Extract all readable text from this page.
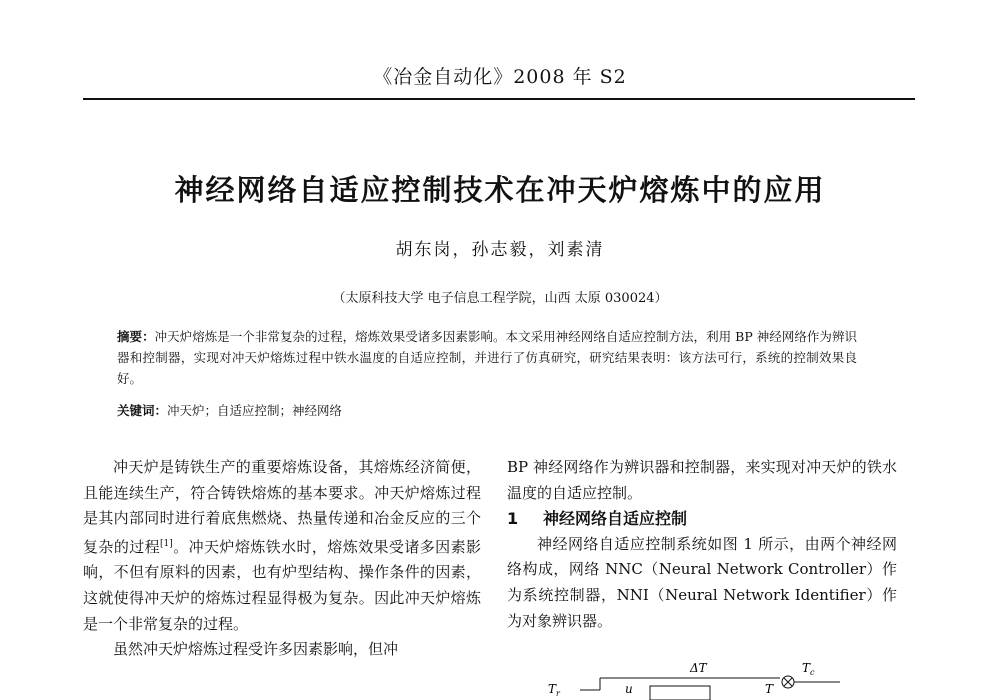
《冶金自动化》2008 年 S2
神经网络自适应控制技术在冲天炉熔炼中的应用
胡东岗，孙志毅，刘素清
（太原科技大学 电子信息工程学院，山西 太原 030024）
摘要：冲天炉熔炼是一个非常复杂的过程，熔炼效果受诸多因素影响。本文采用神经网络自适应控制方法，利用 BP 神经网络作为辨识器和控制器，实现对冲天炉熔炼过程中铁水温度的自适应控制，并进行了仿真研究，研究结果表明：该方法可行，系统的控制效果良好。
关键词：冲天炉；自适应控制；神经网络

冲天炉是铸铁生产的重要熔炼设备，其熔炼经济简便，且能连续生产，符合铸铁熔炼的基本要求。冲天炉熔炼过程是其内部同时进行着底焦燃烧、热量传递和冶金反应的三个复杂的过程[1]。冲天炉熔炼铁水时，熔炼效果受诸多因素影响，不但有原料的因素，也有炉型结构、操作条件的因素，这就使得冲天炉的熔炼过程显得极为复杂。因此冲天炉熔炼是一个非常复杂的过程。

虽然冲天炉熔炼过程受许多因素影响，但冲

BP 神经网络作为辨识器和控制器，来实现对冲天炉的铁水温度的自适应控制。

1 神经网络自适应控制

神经网络自适应控制系统如图 1 所示，由两个神经网络构成，网络 NNC（Neural Network Controller）作为系统控制器，NNI（Neural Network Identifier）作为对象辨识器。

ΔT	T c
T r	u	T
